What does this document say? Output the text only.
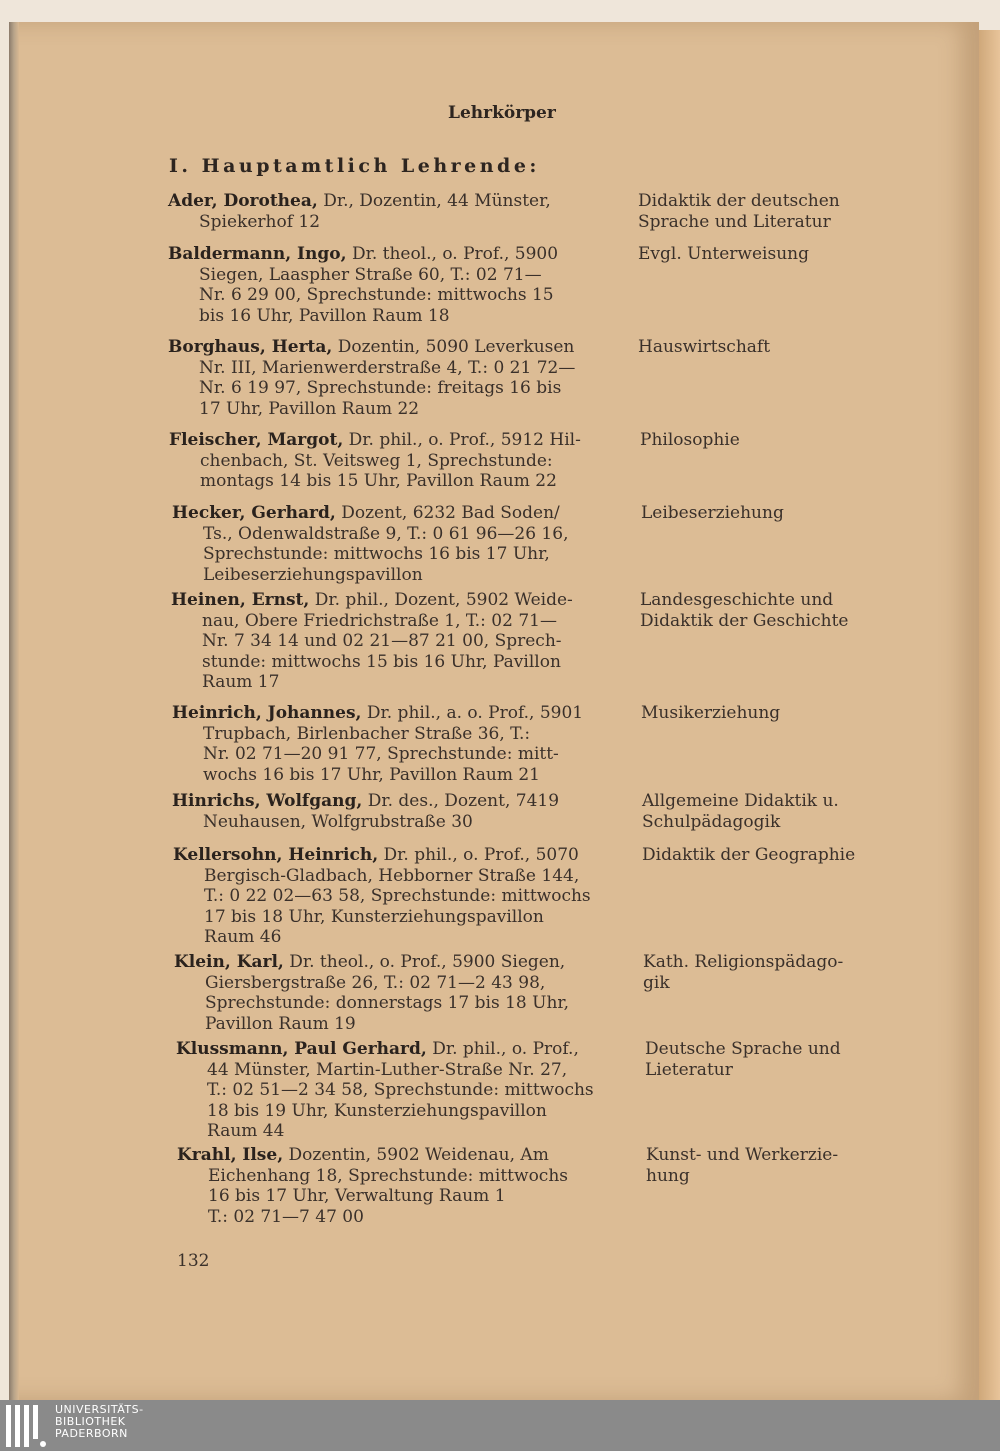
Lehrkörper
I. Hauptamtlich Lehrende:
Ader, Dorothea, Dr., Dozentin, 44 Münster,
Spiekerhof 12
Didaktik der deutschen
Sprache und Literatur
Baldermann, Ingo, Dr. theol., o. Prof., 5900
Siegen, Laaspher Straße 60, T.: 02 71—
Nr. 6 29 00, Sprechstunde: mittwochs 15
bis 16 Uhr, Pavillon Raum 18
Evgl. Unterweisung
Borghaus, Herta, Dozentin, 5090 Leverkusen
Nr. III, Marienwerderstraße 4, T.: 0 21 72—
Nr. 6 19 97, Sprechstunde: freitags 16 bis
17 Uhr, Pavillon Raum 22
Hauswirtschaft
Fleischer, Margot, Dr. phil., o. Prof., 5912 Hil-
chenbach, St. Veitsweg 1, Sprechstunde:
montags 14 bis 15 Uhr, Pavillon Raum 22
Philosophie
Hecker, Gerhard, Dozent, 6232 Bad Soden/
Ts., Odenwaldstraße 9, T.: 0 61 96—26 16,
Sprechstunde: mittwochs 16 bis 17 Uhr,
Leibeserziehungspavillon
Leibeserziehung
Heinen, Ernst, Dr. phil., Dozent, 5902 Weide-
nau, Obere Friedrichstraße 1, T.: 02 71—
Nr. 7 34 14 und 02 21—87 21 00, Sprech-
stunde: mittwochs 15 bis 16 Uhr, Pavillon
Raum 17
Landesgeschichte und
Didaktik der Geschichte
Heinrich, Johannes, Dr. phil., a. o. Prof., 5901
Trupbach, Birlenbacher Straße 36, T.:
Nr. 02 71—20 91 77, Sprechstunde: mitt-
wochs 16 bis 17 Uhr, Pavillon Raum 21
Musikerziehung
Hinrichs, Wolfgang, Dr. des., Dozent, 7419
Neuhausen, Wolfgrubstraße 30
Allgemeine Didaktik u.
Schulpädagogik
Kellersohn, Heinrich, Dr. phil., o. Prof., 5070
Bergisch-Gladbach, Hebborner Straße 144,
T.: 0 22 02—63 58, Sprechstunde: mittwochs
17 bis 18 Uhr, Kunsterziehungspavillon
Raum 46
Didaktik der Geographie
Klein, Karl, Dr. theol., o. Prof., 5900 Siegen,
Giersbergstraße 26, T.: 02 71—2 43 98,
Sprechstunde: donnerstags 17 bis 18 Uhr,
Pavillon Raum 19
Kath. Religionspädago-
gik
Klussmann, Paul Gerhard, Dr. phil., o. Prof.,
44 Münster, Martin-Luther-Straße Nr. 27,
T.: 02 51—2 34 58, Sprechstunde: mittwochs
18 bis 19 Uhr, Kunsterziehungspavillon
Raum 44
Deutsche Sprache und
Lieteratur
Krahl, Ilse, Dozentin, 5902 Weidenau, Am
Eichenhang 18, Sprechstunde: mittwochs
16 bis 17 Uhr, Verwaltung Raum 1
T.: 02 71—7 47 00
Kunst- und Werkerzie-
hung
132
UNIVERSITÄTS-
BIBLIOTHEK
PADERBORN
